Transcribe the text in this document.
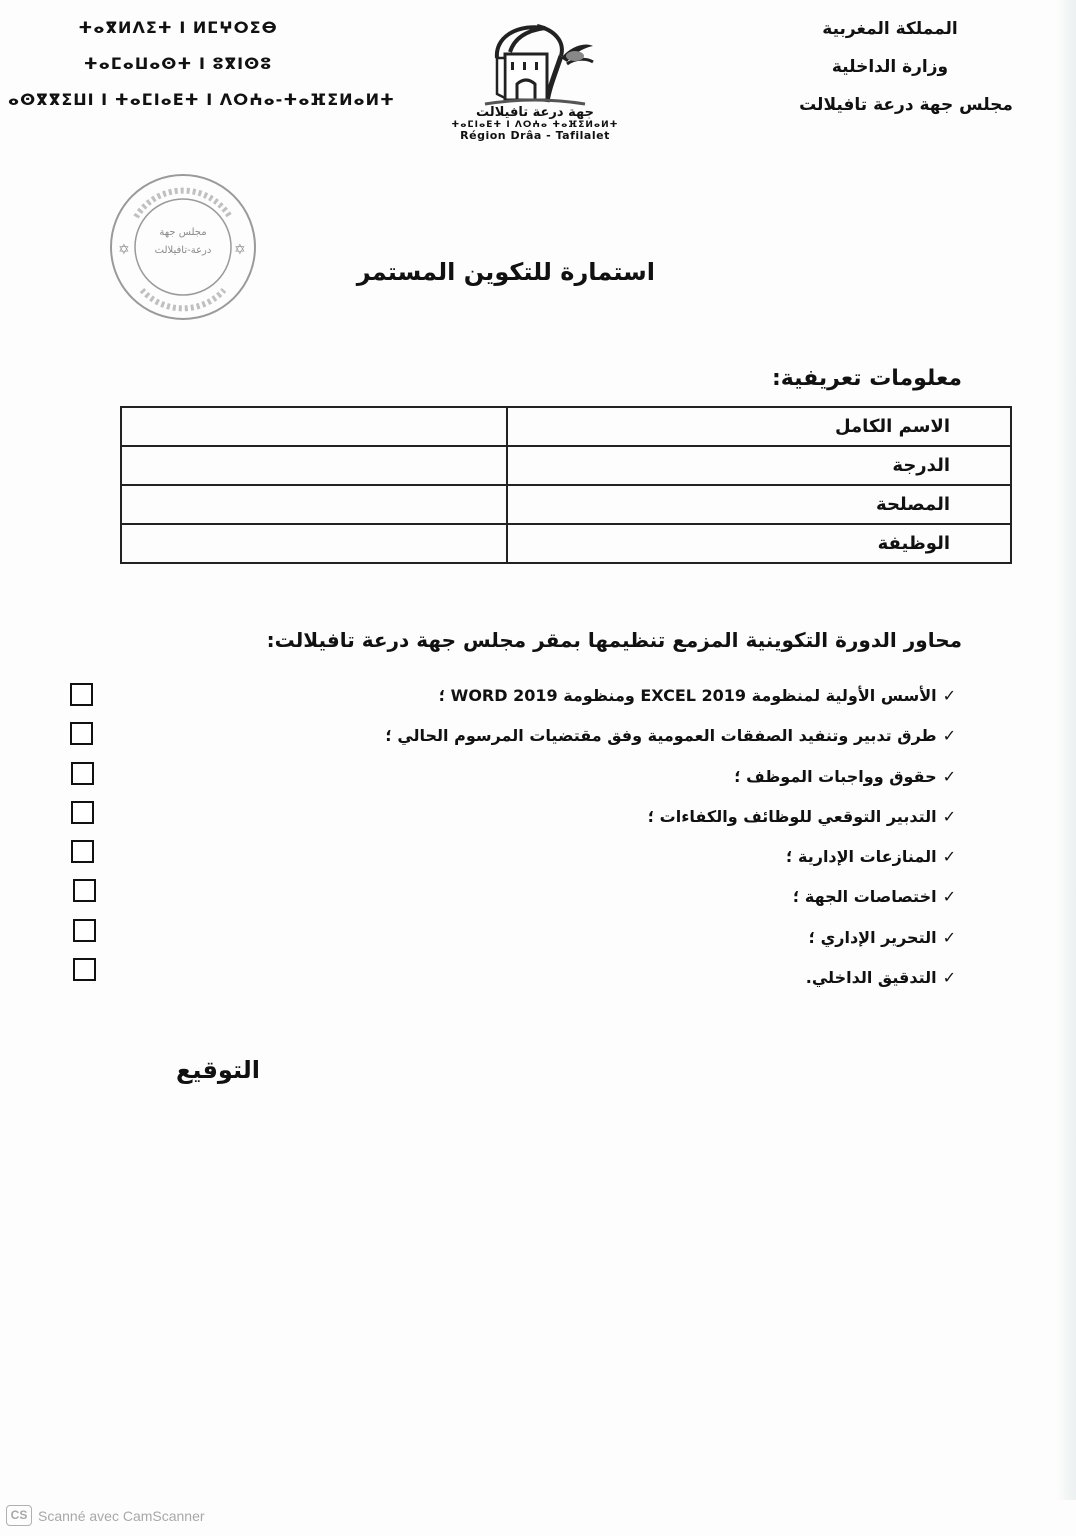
المملكة المغربية
وزارة الداخلية
مجلس جهة درعة تافيلالت
ⵜⴰⴳⵍⴷⵉⵜ ⵏ ⵍⵎⵖⵔⵉⴱ
ⵜⴰⵎⴰⵡⴰⵙⵜ ⵏ ⵓⴳⵏⵙⵓ
ⴰⵙⴳⴳⵉⵡⵏ ⵏ ⵜⴰⵎⵏⴰⴹⵜ ⵏ ⴷⵔⵄⴰ-ⵜⴰⴼⵉⵍⴰⵍⵜ
جهة درعة تافيلالت
ⵜⴰⵎⵏⴰⴹⵜ ⵏ ⴷⵔⵄⴰ ⵜⴰⴼⵉⵍⴰⵍⵜ
Région Drâa - Tafilalet
✡	✡
مجلس جهة
درعة-تافيلالت
استمارة للتكوين المستمر
معلومات تعريفية:
الاسم الكامل	
الدرجة	
المصلحة	
الوظيفة	
محاور الدورة التكوينية المزمع تنظيمها بمقر مجلس جهة درعة تافيلالت:
✓الأسس الأولية لمنظومة EXCEL 2019 ومنظومة WORD 2019 ؛
✓طرق تدبير وتنفيد الصفقات العمومية وفق مقتضيات المرسوم الحالي ؛
✓حقوق وواجبات الموظف ؛
✓التدبير التوقعي للوظائف والكفاءات ؛
✓المنازعات الإدارية ؛
✓اختصاصات الجهة ؛
✓التحرير الإداري ؛
✓التدقيق الداخلي.
التوقيع
CS Scanné avec CamScanner
